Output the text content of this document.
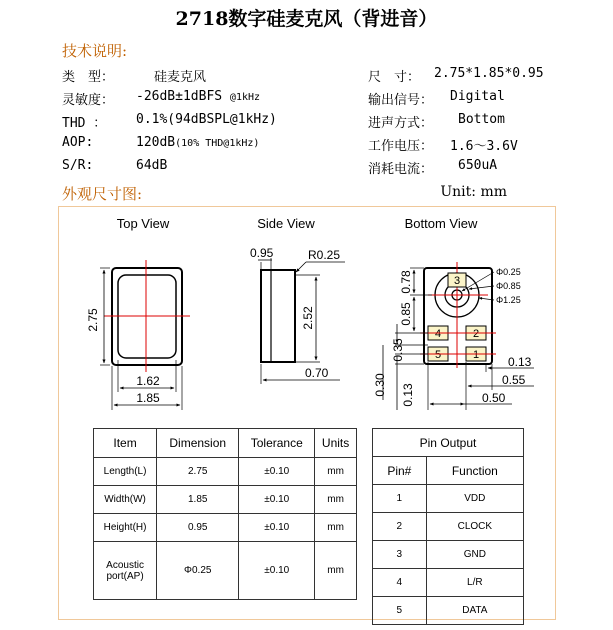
2718数字硅麦克风（背进音）
技术说明:
类　型：	硅麦克风
灵敏度： -26dB±1dBFS @1kHz
THD ： 0.1%(94dBSPL@1kHz)
AOP:	120dB(10% THD@1kHz)
S/R:	64dB
尺　寸： 2.75*1.85*0.95
输出信号： Digital
进声方式： Bottom
工作电压： 1.6～3.6V
消耗电流： 650uA
外观尺寸图:	Unit: mm
Top View	Side View	Bottom View
2.75
1.62
1.85
0.95	R0.25
2.52
0.70
3
4	2
5	1
Φ0.25
Φ0.85
Φ1.25
0.78
0.85
0.35
0.30 0.13
0.13
0.55
0.50
Item	Dimension	Tolerance	Units
Length(L)	2.75	±0.10	mm
Width(W)	1.85	±0.10	mm
Height(H)	0.95	±0.10	mm
Acoustic
port(AP)	Φ0.25	±0.10	mm
Pin Output	
Pin#	Function
1	VDD
2	CLOCK
3	GND
4	L/R
5	DATA
